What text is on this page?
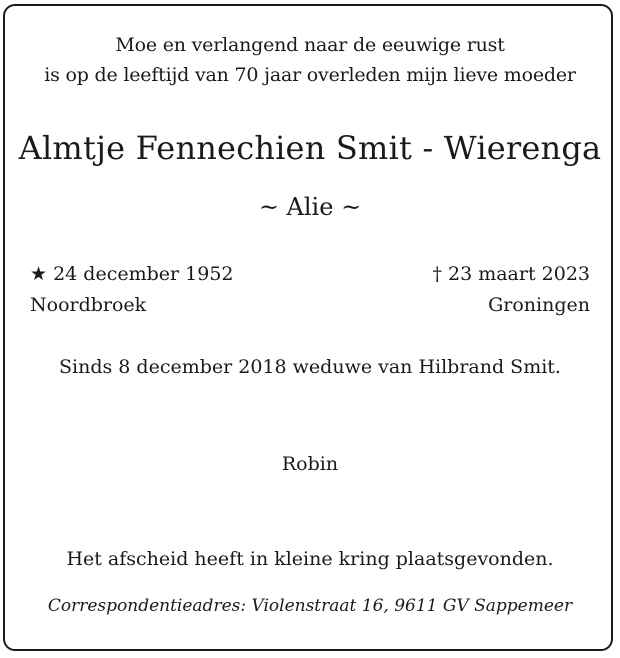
Moe en verlangend naar de eeuwige rust
is op de leeftijd van 70 jaar overleden mijn lieve moeder
Almtje Fennechien Smit - Wierenga
~ Alie ~
★ 24 december 1952	† 23 maart 2023
Noordbroek	Groningen
Sinds 8 december 2018 weduwe van Hilbrand Smit.
Robin
Het afscheid heeft in kleine kring plaatsgevonden.
Correspondentieadres: Violenstraat 16, 9611 GV Sappemeer
